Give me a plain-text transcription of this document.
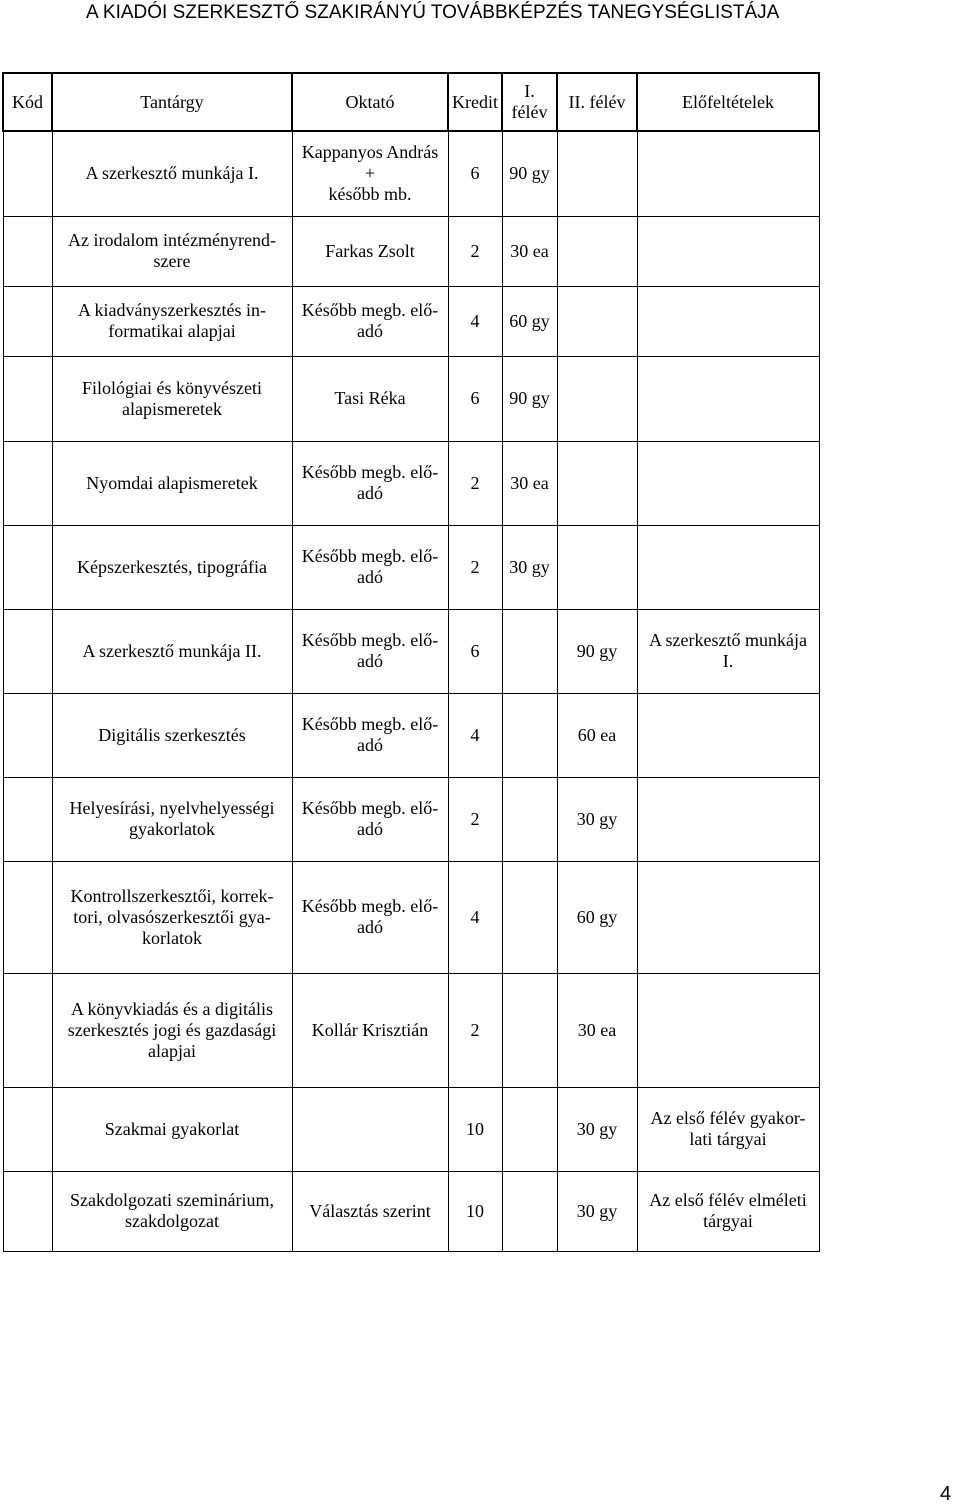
A KIADÓI SZERKESZTŐ SZAKIRÁNYÚ TOVÁBBKÉPZÉS TANEGYSÉGLISTÁJA
Kód	Tantárgy	Oktató	Kredit	I. félév	II. félév	Előfeltételek
	A szerkesztő munkája I.	Kappanyos András +
később mb.	6	90 gy		
	Az irodalom intézményrend-
szere	Farkas Zsolt	2	30 ea		
	A kiadványszerkesztés in-
formatikai alapjai	Később megb. elő-
adó	4	60 gy		
	Filológiai és könyvészeti
alapismeretek	Tasi Réka	6	90 gy		
	Nyomdai alapismeretek	Később megb. elő-
adó	2	30 ea		
	Képszerkesztés, tipográfia	Később megb. elő-
adó	2	30 gy		
	A szerkesztő munkája II.	Később megb. elő-
adó	6		90 gy	A szerkesztő munkája
I.
	Digitális szerkesztés	Később megb. elő-
adó	4		60 ea	
	Helyesírási, nyelvhelyességi
gyakorlatok	Később megb. elő-
adó	2		30 gy	
	Kontrollszerkesztői, korrek-
tori, olvasószerkesztői gya-
korlatok	Később megb. elő-
adó	4		60 gy	
	A könyvkiadás és a digitális
szerkesztés jogi és gazdasági
alapjai	Kollár Krisztián	2		30 ea	
	Szakmai gyakorlat		10		30 gy	Az első félév gyakor-
lati tárgyai
	Szakdolgozati szeminárium,
szakdolgozat	Választás szerint	10		30 gy	Az első félév elméleti
tárgyai
4
